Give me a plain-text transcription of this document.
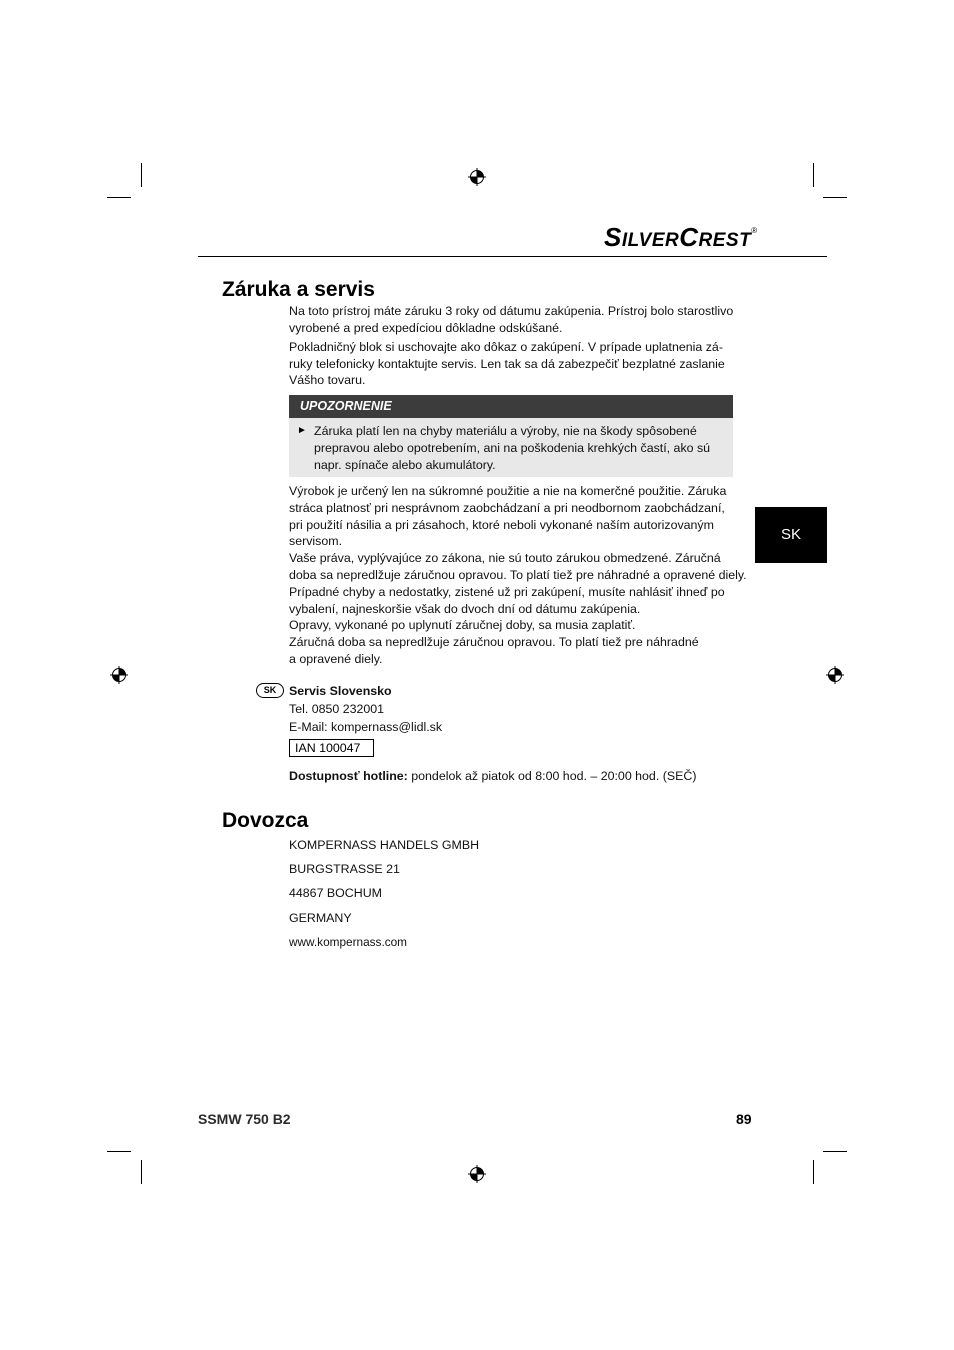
SILVERCREST®
Záruka a servis

Na toto prístroj máte záruku 3 roky od dátumu zakúpenia. Prístroj bolo starostlivo

vyrobené a pred expedíciou dôkladne odskúšané.

Pokladničný blok si uschovajte ako dôkaz o zakúpení. V prípade uplatnenia zá-

ruky telefonicky kontaktujte servis. Len tak sa dá zabezpečiť bezplatné zaslanie

Vášho tovaru.

UPOZORNENIE
► Záruka platí len na chyby materiálu a výroby, nie na škody spôsobené

prepravou alebo opotrebením, ani na poškodenia krehkých častí, ako sú

napr. spínače alebo akumulátory.

Výrobok je určený len na súkromné použitie a nie na komerčné použitie. Záruka

stráca platnosť pri nesprávnom zaobchádzaní a pri neodbornom zaobchádzaní,

pri použití násilia a pri zásahoch, ktoré neboli vykonané naším autorizovaným

servisom.

Vaše práva, vyplývajúce zo zákona, nie sú touto zárukou obmedzené. Záručná

doba sa nepredlžuje záručnou opravou. To platí tiež pre náhradné a opravené diely.

Prípadné chyby a nedostatky, zistené už pri zakúpení, musíte nahlásiť ihneď po

vybalení, najneskoršie však do dvoch dní od dátumu zakúpenia.

Opravy, vykonané po uplynutí záručnej doby, sa musia zaplatiť.

Záručná doba sa nepredlžuje záručnou opravou. To platí tiež pre náhradné

a opravené diely.

SK
SK	Servis Slovensko

Tel. 0850 232001

E-Mail: kompernass@lidl.sk

IAN 100047

Dostupnosť hotline: pondelok až piatok od 8:00 hod. – 20:00 hod. (SEČ)

Dovozca

KOMPERNASS HANDELS GMBH

BURGSTRASSE 21

44867 BOCHUM

GERMANY

www.kompernass.com

SSMW 750 B2	89
